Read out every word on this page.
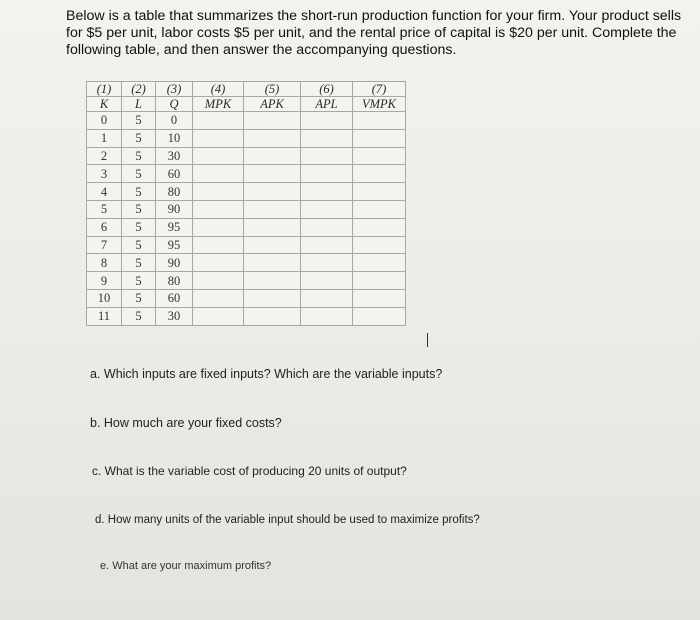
Below is a table that summarizes the short-run production function for your firm. Your product sells for $5 per unit, labor costs $5 per unit, and the rental price of capital is $20 per unit. Complete the following table, and then answer the accompanying questions.
(1)	(2)	(3)	(4)	(5)	(6)	(7)
K	L	Q	MPK	APK	APL	VMPK
0	5	0				
1	5	10				
2	5	30				
3	5	60				
4	5	80				
5	5	90				
6	5	95				
7	5	95				
8	5	90				
9	5	80				
10	5	60				
11	5	30				
a. Which inputs are fixed inputs? Which are the variable inputs?
b. How much are your fixed costs?
c. What is the variable cost of producing 20 units of output?
d. How many units of the variable input should be used to maximize profits?
e. What are your maximum profits?
